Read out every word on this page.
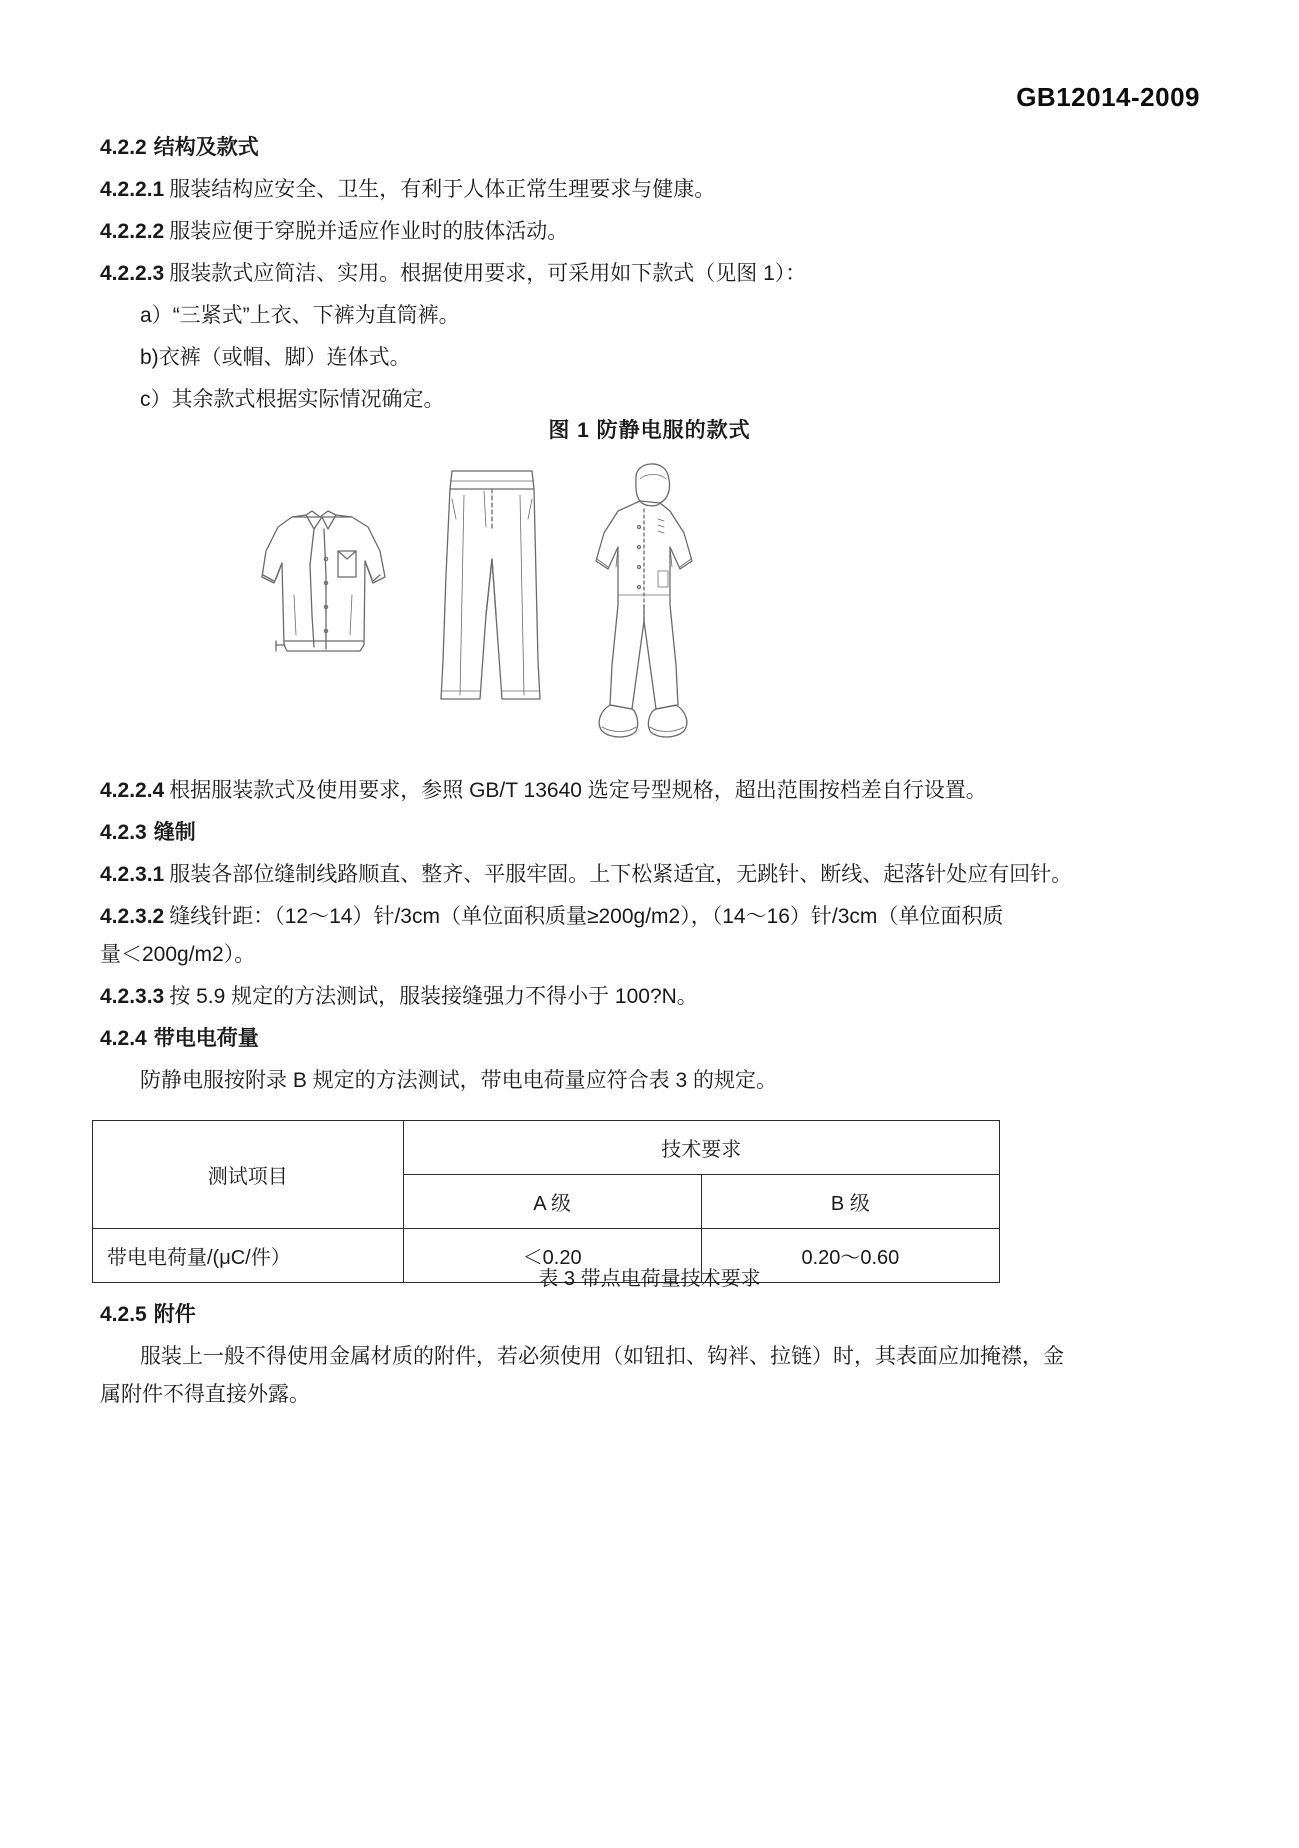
GB12014-2009
4.2.2 结构及款式
4.2.2.1 服装结构应安全、卫生，有利于人体正常生理要求与健康。
4.2.2.2 服装应便于穿脱并适应作业时的肢体活动。
4.2.2.3 服装款式应简洁、实用。根据使用要求，可采用如下款式（见图 1）：
a）“三紧式”上衣、下裤为直筒裤。
b)衣裤（或帽、脚）连体式。
c）其余款式根据实际情况确定。
图 1 防静电服的款式
4.2.2.4 根据服装款式及使用要求，参照 GB/T 13640 选定号型规格，超出范围按档差自行设置。
4.2.3 缝制
4.2.3.1 服装各部位缝制线路顺直、整齐、平服牢固。上下松紧适宜，无跳针、断线、起落针处应有回针。
4.2.3.2 缝线针距：（12～14）针/3cm（单位面积质量≥200g/m2），（14～16）针/3cm（单位面积质
量＜200g/m2）。
4.2.3.3 按 5.9 规定的方法测试，服装接缝强力不得小于 100?N。
4.2.4 带电电荷量
防静电服按附录 B 规定的方法测试，带电电荷量应符合表 3 的规定。
测试项目	技术要求	
	A 级	B 级
带电电荷量/(μC/件）	＜0.20	0.20～0.60
表 3 带点电荷量技术要求
4.2.5 附件
服装上一般不得使用金属材质的附件，若必须使用（如钮扣、钩袢、拉链）时，其表面应加掩襟，金
属附件不得直接外露。
